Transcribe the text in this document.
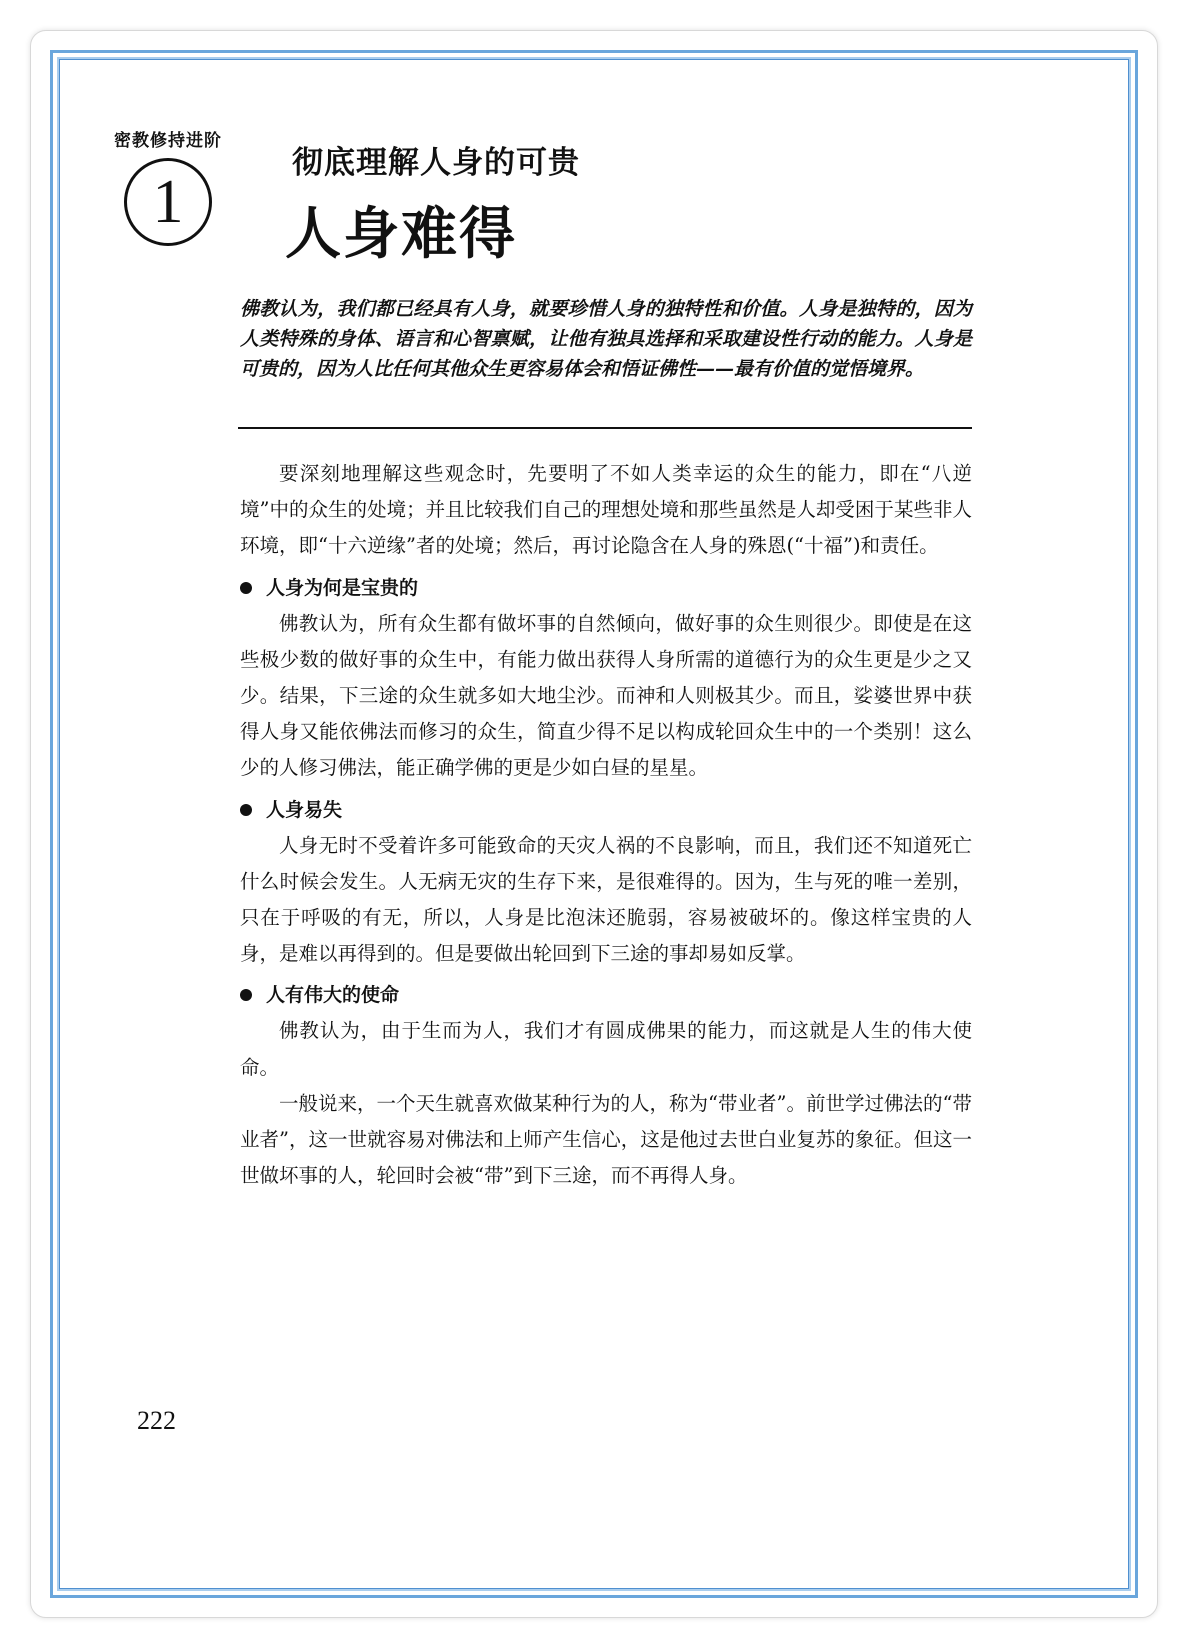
密教修持进阶
1
彻底理解人身的可贵
人身难得

佛教认为，我们都已经具有人身，就要珍惜人身的独特性和价值。人身是独特的，因为人类特殊的身体、语言和心智禀赋，让他有独具选择和采取建设性行动的能力。人身是可贵的，因为人比任何其他众生更容易体会和悟证佛性——最有价值的觉悟境界。

要深刻地理解这些观念时，先要明了不如人类幸运的众生的能力，即在“八逆境”中的众生的处境；并且比较我们自己的理想处境和那些虽然是人却受困于某些非人环境，即“十六逆缘”者的处境；然后，再讨论隐含在人身的殊恩(“十福”)和责任。

人身为何是宝贵的

佛教认为，所有众生都有做坏事的自然倾向，做好事的众生则很少。即使是在这些极少数的做好事的众生中，有能力做出获得人身所需的道德行为的众生更是少之又少。结果，下三途的众生就多如大地尘沙。而神和人则极其少。而且，娑婆世界中获得人身又能依佛法而修习的众生，简直少得不足以构成轮回众生中的一个类别！这么少的人修习佛法，能正确学佛的更是少如白昼的星星。

人身易失

人身无时不受着许多可能致命的天灾人祸的不良影响，而且，我们还不知道死亡什么时候会发生。人无病无灾的生存下来，是很难得的。因为，生与死的唯一差别，只在于呼吸的有无，所以，人身是比泡沫还脆弱，容易被破坏的。像这样宝贵的人身，是难以再得到的。但是要做出轮回到下三途的事却易如反掌。

人有伟大的使命

佛教认为，由于生而为人，我们才有圆成佛果的能力，而这就是人生的伟大使命。

一般说来，一个天生就喜欢做某种行为的人，称为“带业者”。前世学过佛法的“带业者”，这一世就容易对佛法和上师产生信心，这是他过去世白业复苏的象征。但这一世做坏事的人，轮回时会被“带”到下三途，而不再得人身。

222
